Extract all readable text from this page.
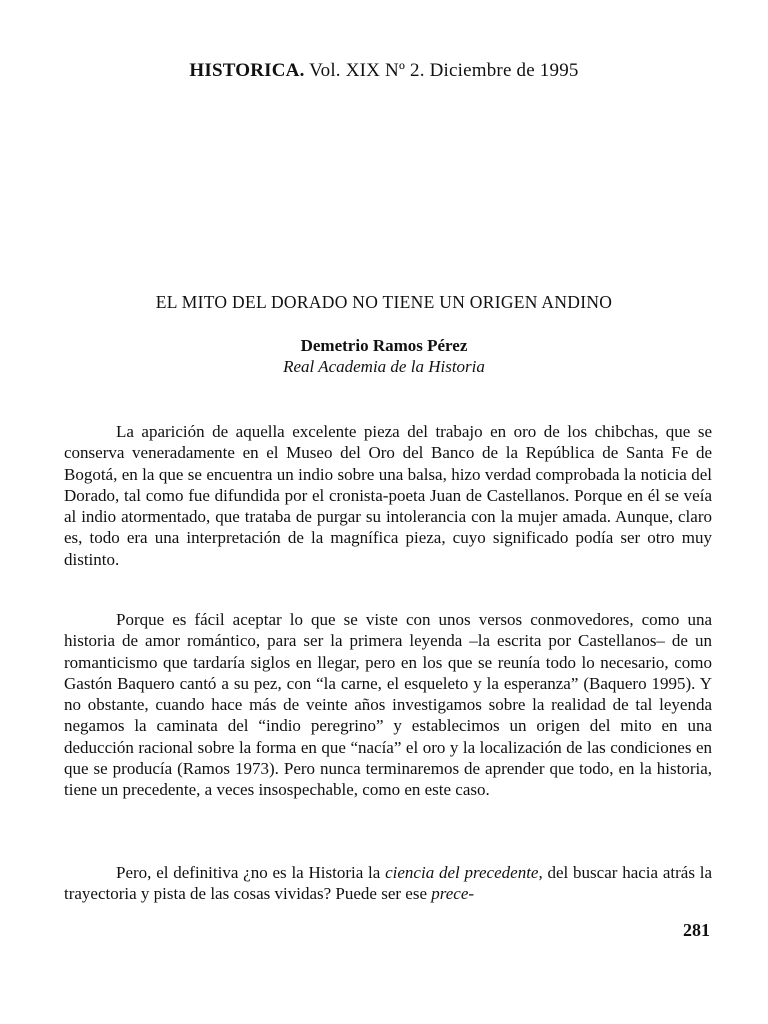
HISTORICA. Vol. XIX Nº 2. Diciembre de 1995
EL MITO DEL DORADO NO TIENE UN ORIGEN ANDINO
Demetrio Ramos Pérez
Real Academia de la Historia

La aparición de aquella excelente pieza del trabajo en oro de los chibchas, que se conserva veneradamente en el Museo del Oro del Banco de la República de Santa Fe de Bogotá, en la que se encuentra un indio sobre una balsa, hizo verdad comprobada la noticia del Dorado, tal como fue difundida por el cronista-poeta Juan de Castellanos. Porque en él se veía al indio atormentado, que trataba de purgar su intolerancia con la mujer amada. Aunque, claro es, todo era una interpretación de la magnífica pieza, cuyo significado podía ser otro muy distinto.

Porque es fácil aceptar lo que se viste con unos versos conmovedores, como una historia de amor romántico, para ser la primera leyenda –la escrita por Castellanos– de un romanticismo que tardaría siglos en llegar, pero en los que se reunía todo lo necesario, como Gastón Baquero cantó a su pez, con “la carne, el esqueleto y la esperanza” (Baquero 1995). Y no obstante, cuando hace más de veinte años investigamos sobre la realidad de tal leyenda negamos la caminata del “indio peregrino” y establecimos un origen del mito en una deducción racional sobre la forma en que “nacía” el oro y la localización de las condiciones en que se producía (Ramos 1973). Pero nunca terminaremos de aprender que todo, en la historia, tiene un precedente, a veces insospechable, como en este caso.

Pero, el definitiva ¿no es la Historia la ciencia del precedente, del buscar hacia atrás la trayectoria y pista de las cosas vividas? Puede ser ese prece-

281
